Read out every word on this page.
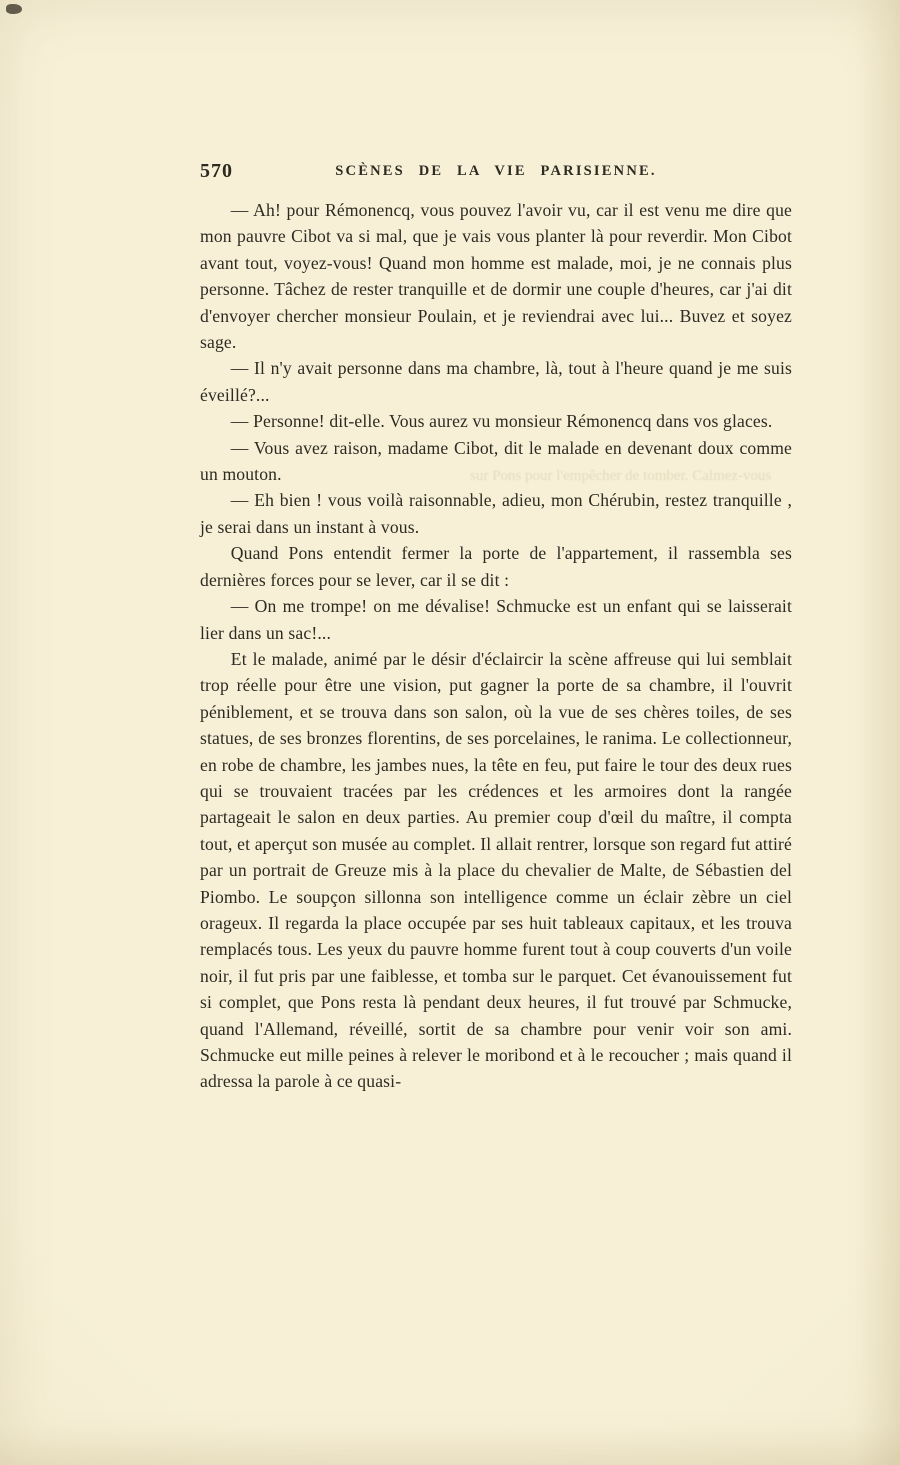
sur Pons pour l'empêcher de tomber. Calmez-vous
570	SCÈNES DE LA VIE PARISIENNE.

— Ah! pour Rémonencq, vous pouvez l'avoir vu, car il est venu me dire que mon pauvre Cibot va si mal, que je vais vous planter là pour reverdir. Mon Cibot avant tout, voyez-vous! Quand mon homme est malade, moi, je ne connais plus personne. Tâchez de rester tranquille et de dormir une couple d'heures, car j'ai dit d'envoyer chercher monsieur Poulain, et je reviendrai avec lui... Buvez et soyez sage.

— Il n'y avait personne dans ma chambre, là, tout à l'heure quand je me suis éveillé?...

— Personne! dit-elle. Vous aurez vu monsieur Rémonencq dans vos glaces.

— Vous avez raison, madame Cibot, dit le malade en devenant doux comme un mouton.

— Eh bien ! vous voilà raisonnable, adieu, mon Chérubin, restez tranquille , je serai dans un instant à vous.

Quand Pons entendit fermer la porte de l'appartement, il rassembla ses dernières forces pour se lever, car il se dit :

— On me trompe! on me dévalise! Schmucke est un enfant qui se laisserait lier dans un sac!...

Et le malade, animé par le désir d'éclaircir la scène affreuse qui lui semblait trop réelle pour être une vision, put gagner la porte de sa chambre, il l'ouvrit péniblement, et se trouva dans son salon, où la vue de ses chères toiles, de ses statues, de ses bronzes florentins, de ses porcelaines, le ranima. Le collectionneur, en robe de chambre, les jambes nues, la tête en feu, put faire le tour des deux rues qui se trouvaient tracées par les crédences et les armoires dont la rangée partageait le salon en deux parties. Au premier coup d'œil du maître, il compta tout, et aperçut son musée au complet. Il allait rentrer, lorsque son regard fut attiré par un portrait de Greuze mis à la place du chevalier de Malte, de Sébastien del Piombo. Le soupçon sillonna son intelligence comme un éclair zèbre un ciel orageux. Il regarda la place occupée par ses huit tableaux capitaux, et les trouva remplacés tous. Les yeux du pauvre homme furent tout à coup couverts d'un voile noir, il fut pris par une faiblesse, et tomba sur le parquet. Cet évanouissement fut si complet, que Pons resta là pendant deux heures, il fut trouvé par Schmucke, quand l'Allemand, réveillé, sortit de sa chambre pour venir voir son ami. Schmucke eut mille peines à relever le moribond et à le recoucher ; mais quand il adressa la parole à ce quasi-
